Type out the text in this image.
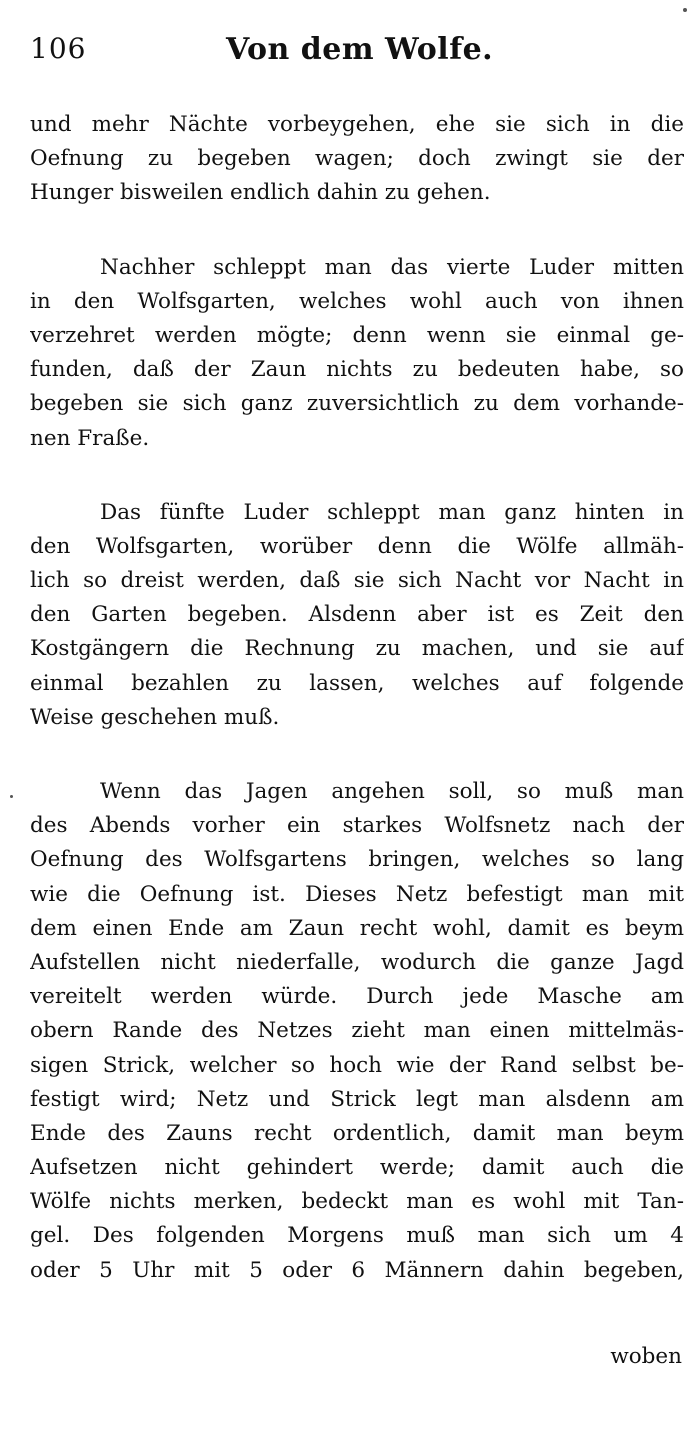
106	Von dem Wolfe.
und mehr Nächte vorbeygehen, ehe sie sich in die
Oefnung zu begeben wagen; doch zwingt sie der
Hunger bisweilen endlich dahin zu gehen.
Nachher schleppt man das vierte Luder mitten
in den Wolfsgarten, welches wohl auch von ihnen
verzehret werden mögte; denn wenn sie einmal ge-
funden, daß der Zaun nichts zu bedeuten habe, so
begeben sie sich ganz zuversichtlich zu dem vorhande-
nen Fraße.
Das fünfte Luder schleppt man ganz hinten in
den Wolfsgarten, worüber denn die Wölfe allmäh-
lich so dreist werden, daß sie sich Nacht vor Nacht in
den Garten begeben. Alsdenn aber ist es Zeit den
Kostgängern die Rechnung zu machen, und sie auf
einmal bezahlen zu lassen, welches auf folgende
Weise geschehen muß.
Wenn das Jagen angehen soll, so muß man
des Abends vorher ein starkes Wolfsnetz nach der
Oefnung des Wolfsgartens bringen, welches so lang
wie die Oefnung ist. Dieses Netz befestigt man mit
dem einen Ende am Zaun recht wohl, damit es beym
Aufstellen nicht niederfalle, wodurch die ganze Jagd
vereitelt werden würde. Durch jede Masche am
obern Rande des Netzes zieht man einen mittelmäs-
sigen Strick, welcher so hoch wie der Rand selbst be-
festigt wird; Netz und Strick legt man alsdenn am
Ende des Zauns recht ordentlich, damit man beym
Aufsetzen nicht gehindert werde; damit auch die
Wölfe nichts merken, bedeckt man es wohl mit Tan-
gel. Des folgenden Morgens muß man sich um 4
oder 5 Uhr mit 5 oder 6 Männern dahin begeben,
woben
